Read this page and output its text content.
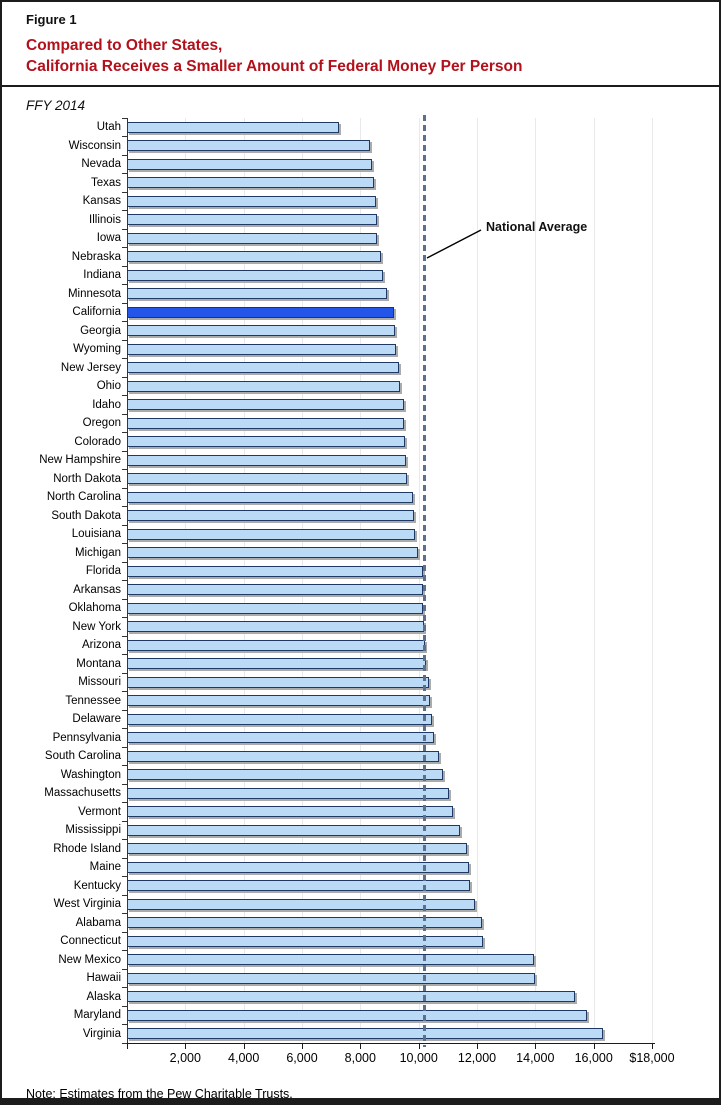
Figure 1
Compared to Other States,
California Receives a Smaller Amount of Federal Money Per Person
FFY 2014
Utah
Wisconsin
Nevada
Texas
Kansas
Illinois
Iowa
Nebraska
Indiana
Minnesota
California
Georgia
Wyoming
New Jersey
Ohio
Idaho
Oregon
Colorado
New Hampshire
North Dakota
North Carolina
South Dakota
Louisiana
Michigan
Florida
Arkansas
Oklahoma
New York
Arizona
Montana
Missouri
Tennessee
Delaware
Pennsylvania
South Carolina
Washington
Massachusetts
Vermont
Mississippi
Rhode Island
Maine
Kentucky
West Virginia
Alabama
Connecticut
New Mexico
Hawaii
Alaska
Maryland
Virginia
National Average
2,000 4,000 6,000 8,000 10,000 12,000 14,000 16,000 $18,000
Note: Estimates from the Pew Charitable Trusts.
